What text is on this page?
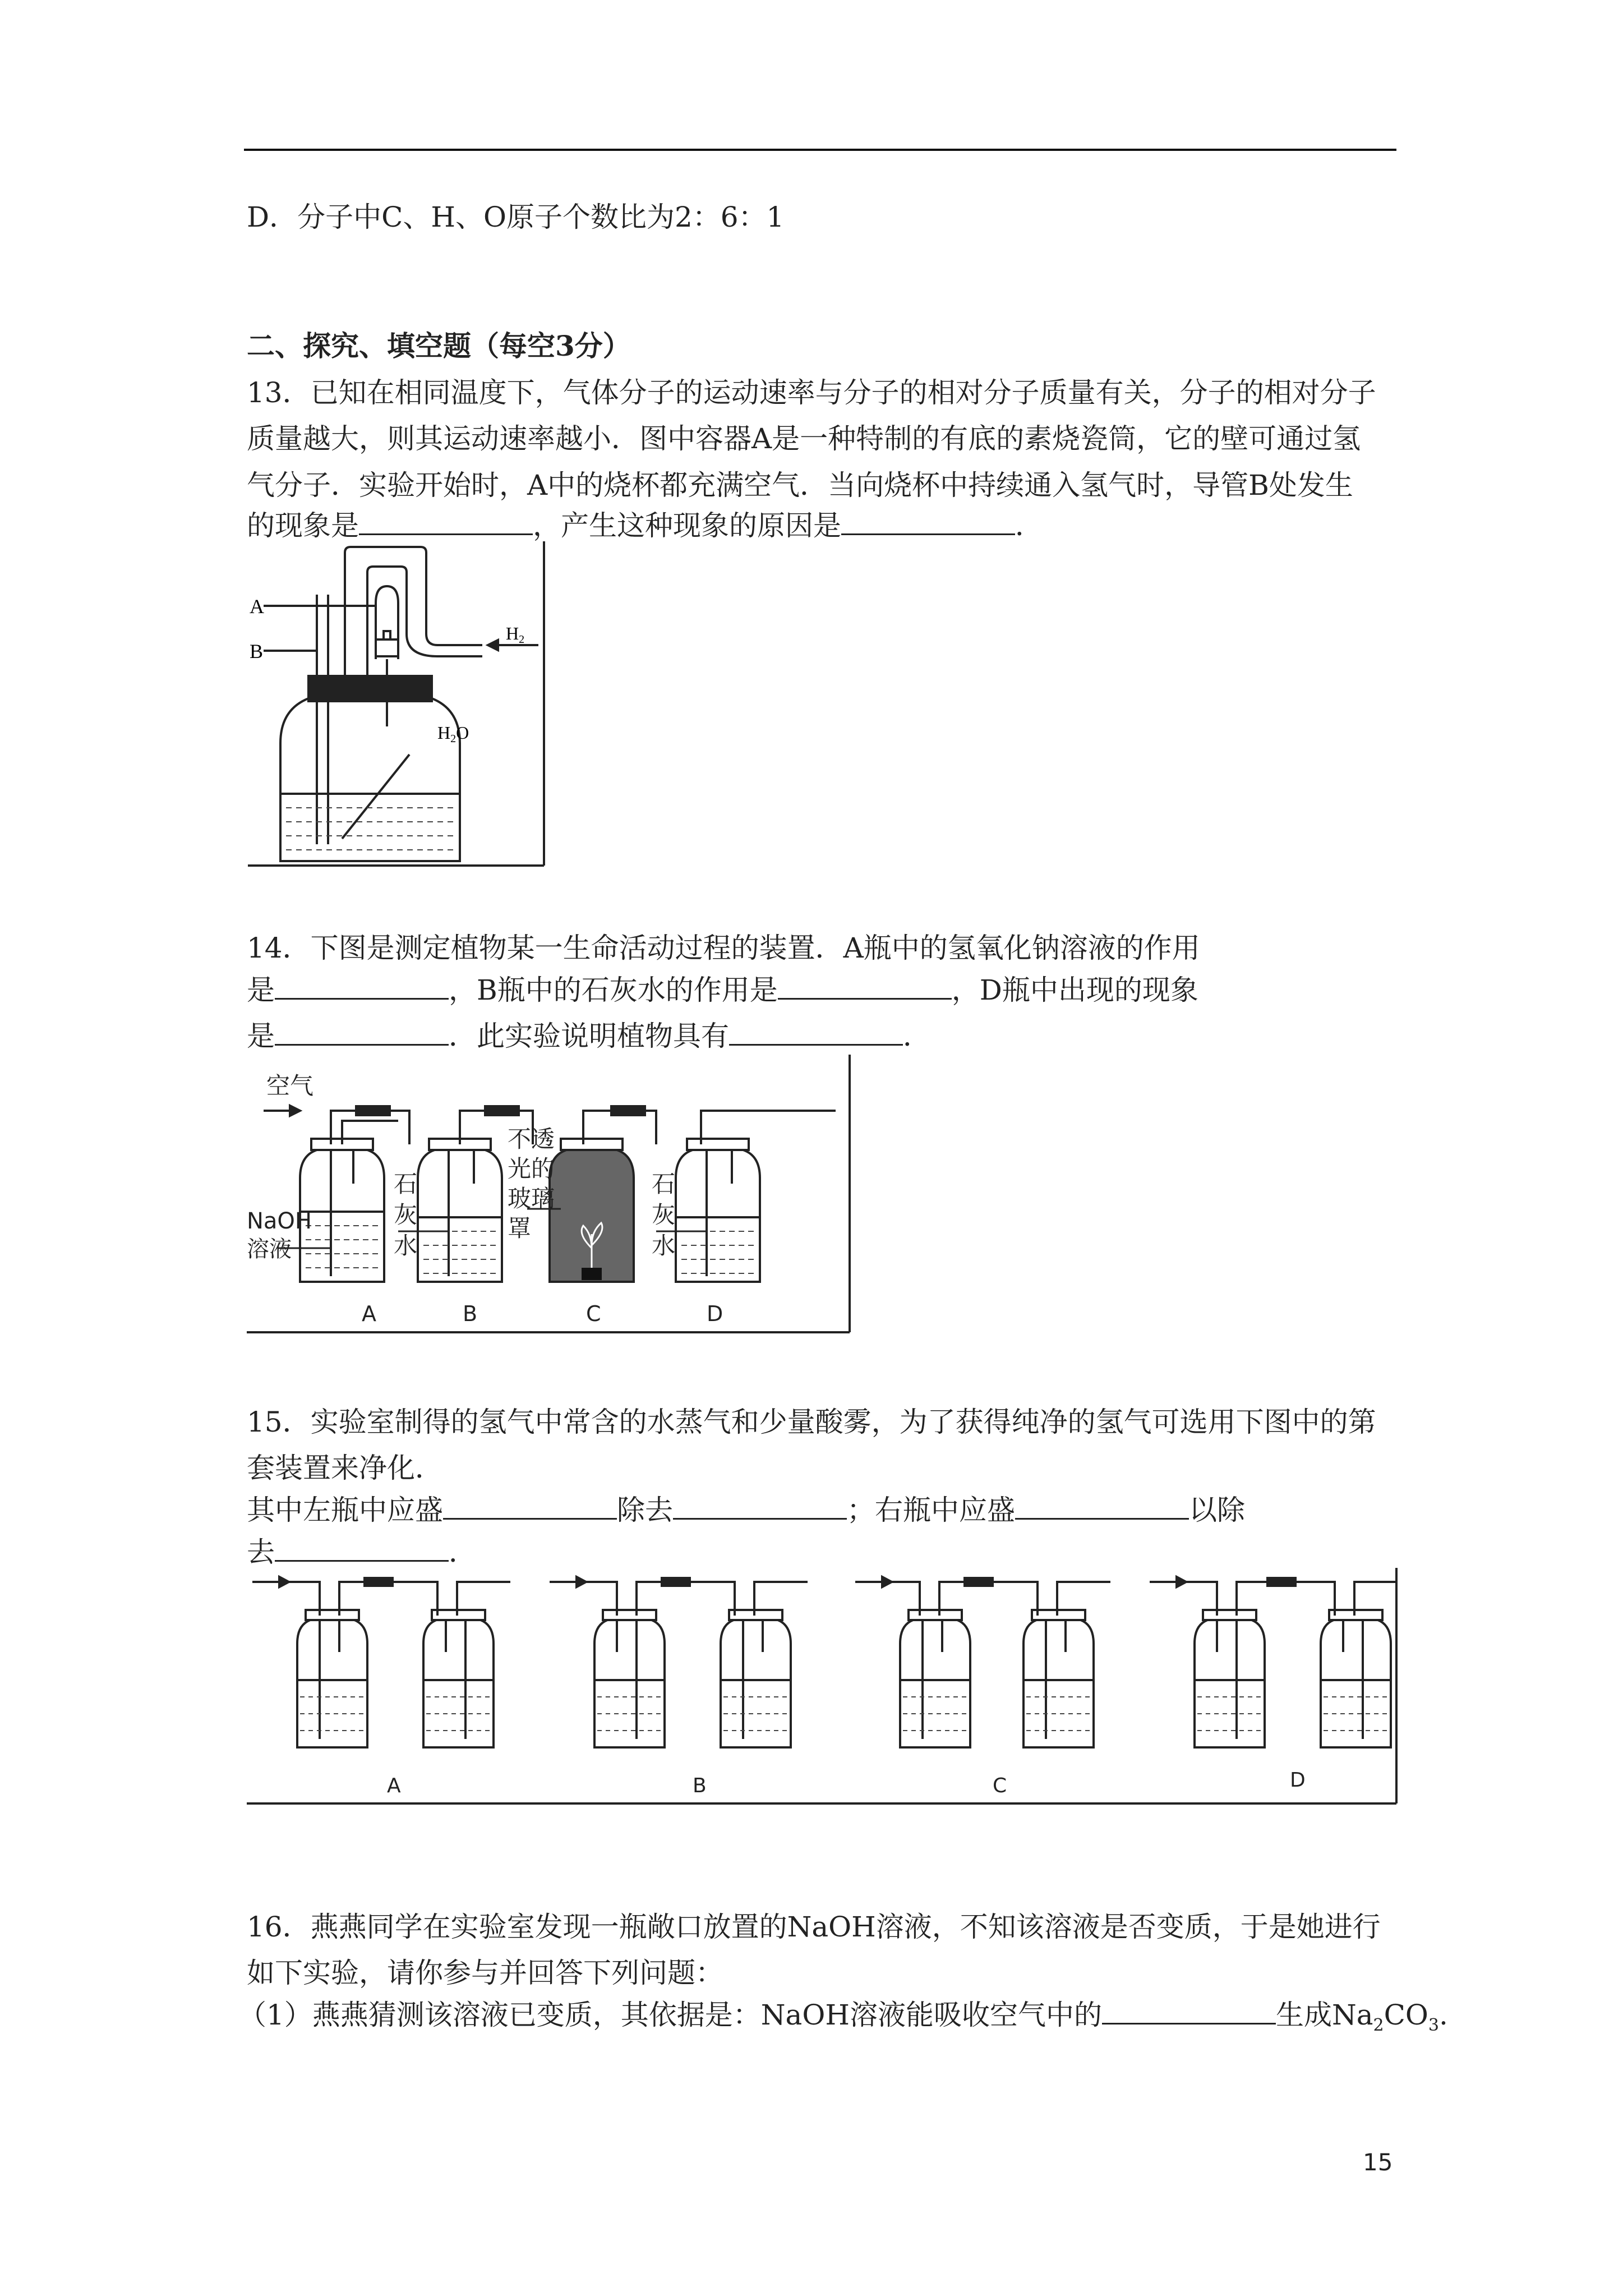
D．分子中C、H、O原子个数比为2：6：1
二、探究、填空题（每空3分）
13．已知在相同温度下，气体分子的运动速率与分子的相对分子质量有关，分子的相对分子
质量越大，则其运动速率越小．图中容器A是一种特制的有底的素烧瓷筒，它的壁可通过氢
气分子．实验开始时，A中的烧杯都充满空气．当向烧杯中持续通入氢气时，导管B处发生
的现象是	，产生这种现象的原因是	．
A
B
H2
H2O
14．下图是测定植物某一生命活动过程的装置．A瓶中的氢氧化钠溶液的作用
是	，B瓶中的石灰水的作用是	，D瓶中出现的现象
是	．此实验说明植物具有	．
空气
NaOH
溶液
石
灰
水
不透
光的
玻璃
罩
石
灰
水
A	B	C	D
15．实验室制得的氢气中常含的水蒸气和少量酸雾，为了获得纯净的氢气可选用下图中的第
套装置来净化．
其中左瓶中应盛	除去	；右瓶中应盛	以除
去	．
A	B	C	D
16．燕燕同学在实验室发现一瓶敞口放置的NaOH溶液，不知该溶液是否变质，于是她进行
如下实验，请你参与并回答下列问题：
（1）燕燕猜测该溶液已变质，其依据是：NaOH溶液能吸收空气中的	生成$Na_2CO_3$.
15
